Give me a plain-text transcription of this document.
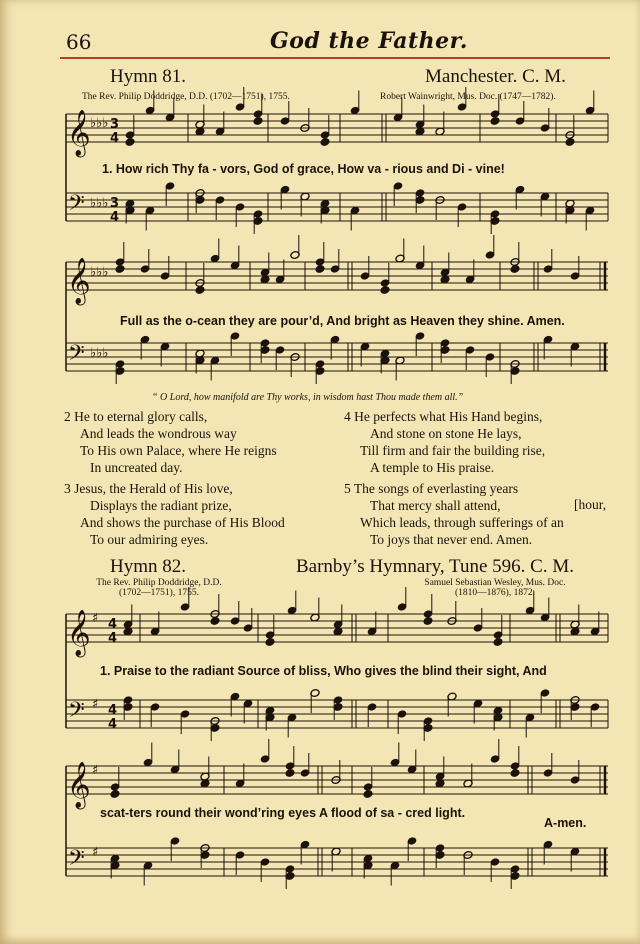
66	God the Father.
Hymn 81.	Manchester. C. M.
The Rev. Philip Doddridge, D.D. (1702—1751), 1755.	Robert Wainwright, Mus. Doc. (1747—1782).
𝄞
𝄢
𝄞
𝄢
𝄞
𝄢
𝄞
𝄢
♭♭♭
♭♭♭
♭♭♭
♭♭♭
♯
♯
♯
♯
3
4
3
4
4
4
4
4
1. How rich Thy fa - vors, God of grace, How va - rious and Di - vine!
Full as the o-cean they are pour’d, And bright as Heaven they shine. Amen.
“ O Lord, how manifold are Thy works, in wisdom hast Thou made them all.”
2 He to eternal glory calls,
And leads the wondrous way
To His own Palace, where He reigns
In uncreated day.
3 Jesus, the Herald of His love,
Displays the radiant prize,
And shows the purchase of His Blood
To our admiring eyes.
4 He perfects what His Hand begins,
And stone on stone He lays,
Till firm and fair the building rise,
A temple to His praise.
5 The songs of everlasting years
That mercy shall attend,
Which leads, through sufferings of an
To joys that never end. Amen.
[hour,
Hymn 82.	Barnby’s Hymnary, Tune 596. C. M.
The Rev. Philip Doddridge, D.D.
(1702—1751), 1755.
Samuel Sebastian Wesley, Mus. Doc.
(1810—1876), 1872.
1. Praise to the radiant Source of bliss, Who gives the blind their sight, And
scat-ters round their wond’ring eyes A flood of sa - cred light.
A-men.
